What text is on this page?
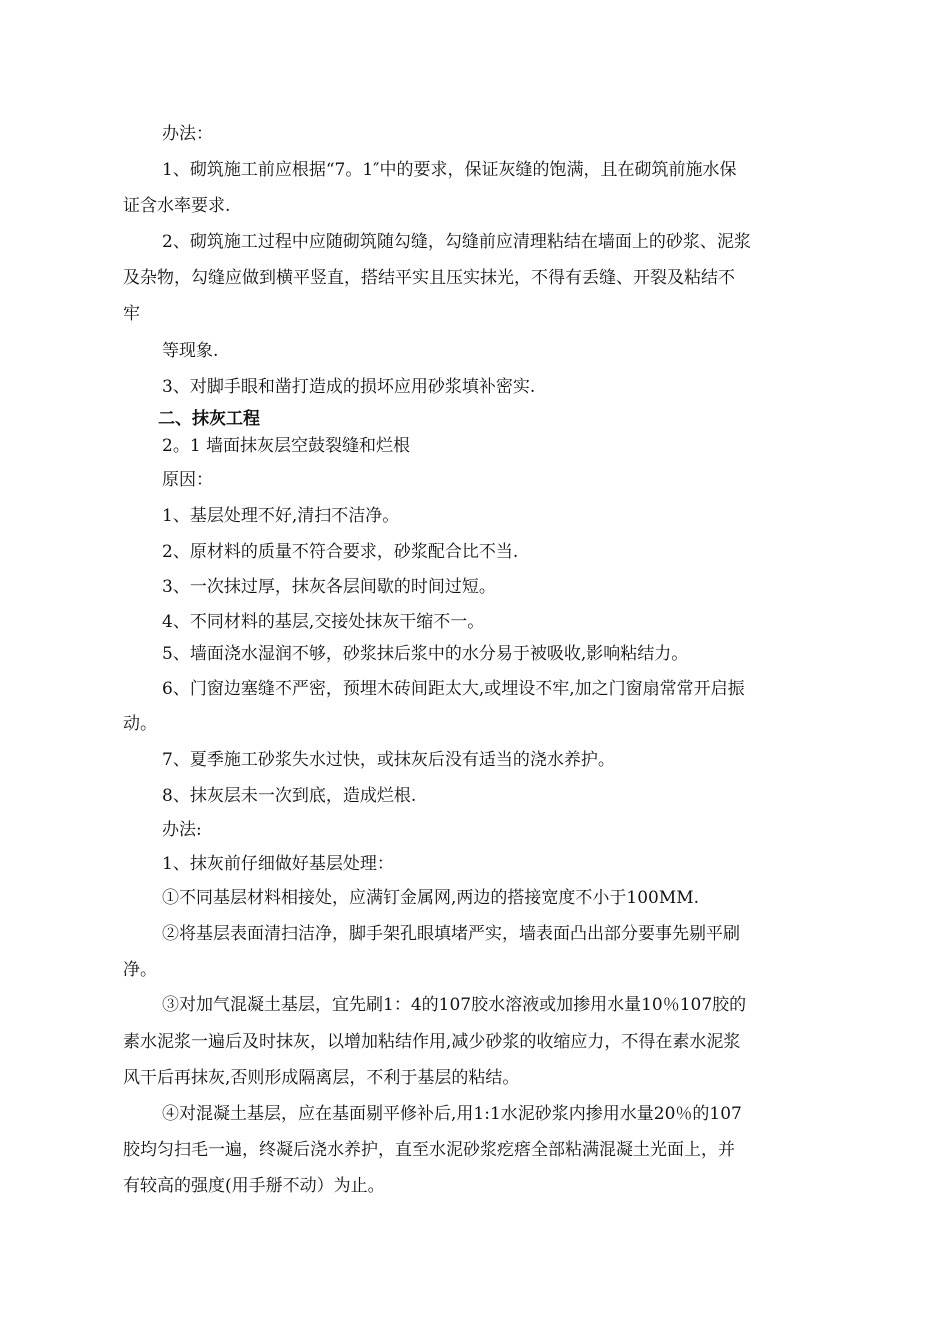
办法：
1、砌筑施工前应根据“7。1″中的要求，保证灰缝的饱满，且在砌筑前施水保
证含水率要求.
2、砌筑施工过程中应随砌筑随勾缝，勾缝前应清理粘结在墙面上的砂浆、泥浆
及杂物，勾缝应做到横平竖直，搭结平实且压实抹光，不得有丢缝、开裂及粘结不
牢
等现象.
3、对脚手眼和凿打造成的损坏应用砂浆填补密实.
二、抹灰工程
2。1 墙面抹灰层空鼓裂缝和烂根
原因：
1、基层处理不好,清扫不洁净。
2、原材料的质量不符合要求，砂浆配合比不当.
3、一次抹过厚，抹灰各层间歇的时间过短。
4、不同材料的基层,交接处抹灰干缩不一。
5、墙面浇水湿润不够，砂浆抹后浆中的水分易于被吸收,影响粘结力。
6、门窗边塞缝不严密，预埋木砖间距太大,或埋设不牢,加之门窗扇常常开启振
动。
7、夏季施工砂浆失水过快，或抹灰后没有适当的浇水养护。
8、抹灰层未一次到底，造成烂根.
办法:
1、抹灰前仔细做好基层处理：
①不同基层材料相接处，应满钉金属网,两边的搭接宽度不小于100MM.
②将基层表面清扫洁净，脚手架孔眼填堵严实，墙表面凸出部分要事先剔平刷
净。
③对加气混凝土基层，宜先刷1：4的107胶水溶液或加掺用水量10％107胶的
素水泥浆一遍后及时抹灰，以增加粘结作用,减少砂浆的收缩应力，不得在素水泥浆
风干后再抹灰,否则形成隔离层，不利于基层的粘结。
④对混凝土基层，应在基面剔平修补后,用1:1水泥砂浆内掺用水量20％的107
胶均匀扫毛一遍，终凝后浇水养护，直至水泥砂浆疙瘩全部粘满混凝土光面上，并
有较高的强度(用手掰不动）为止。
